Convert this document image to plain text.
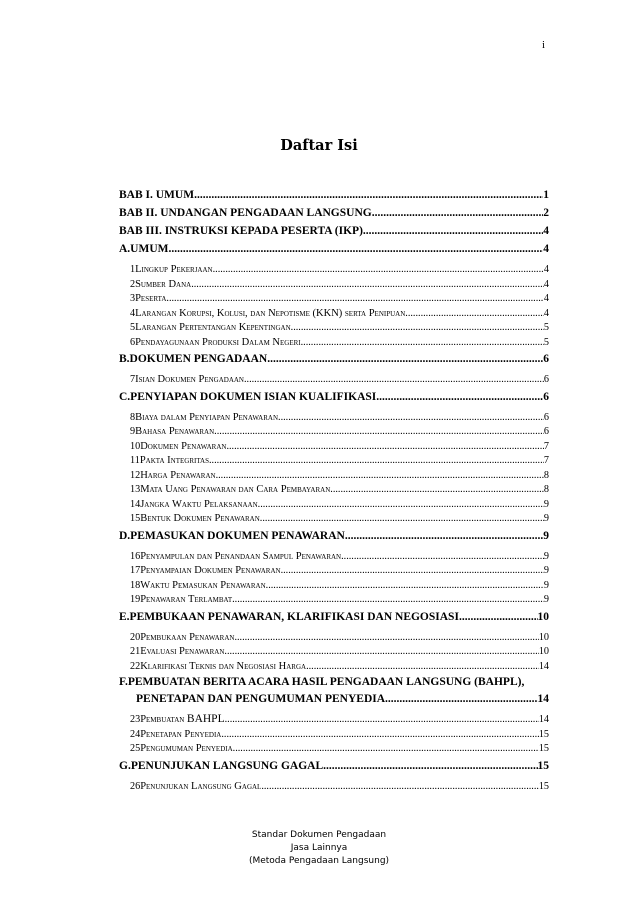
i
Daftar Isi
BAB I. UMUM .....	1
BAB II. UNDANGAN PENGADAAN LANGSUNG .....	2
BAB III. INSTRUKSI KEPADA PESERTA (IKP) .....	4
A.UMUM .....	4
1Lingkup Pekerjaan .....	4
2Sumber Dana .....	4
3Peserta .....	4
4Larangan Korupsi, Kolusi, dan Nepotisme (KKN) serta Penipuan .....	4
5Larangan Pertentangan Kepentingan .....	5
6Pendayagunaan Produksi Dalam Negeri .....	5
B.DOKUMEN PENGADAAN .....	6
7Isian Dokumen Pengadaan .....	6
C.PENYIAPAN DOKUMEN ISIAN KUALIFIKASI .....	6
8Biaya dalam Penyiapan Penawaran .....	6
9Bahasa Penawaran .....	6
10Dokumen Penawaran .....	7
11Pakta Integritas .....	7
12Harga Penawaran .....	8
13Mata Uang Penawaran dan Cara Pembayaran .....	8
14Jangka Waktu Pelaksanaan .....	9
15Bentuk Dokumen Penawaran .....	9
D.PEMASUKAN DOKUMEN PENAWARAN .....	9
16Penyampulan dan Penandaan Sampul Penawaran .....	9
17Penyampaian Dokumen Penawaran .....	9
18Waktu Pemasukan Penawaran .....	9
19Penawaran Terlambat .....	9
E.PEMBUKAAN PENAWARAN, KLARIFIKASI DAN NEGOSIASI .....	10
20Pembukaan Penawaran .....	10
21Evaluasi Penawaran .....	10
22Klarifikasi Teknis dan Negosiasi Harga .....	14
F.PEMBUATAN BERITA ACARA HASIL PENGADAAN LANGSUNG (BAHPL),
PENETAPAN DAN PENGUMUMAN PENYEDIA .....	14
23Pembuatan BAHPL .....	14
24Penetapan Penyedia .....	15
25Pengumuman Penyedia .....	15
G.PENUNJUKAN LANGSUNG GAGAL .....	15
26Penunjukan Langsung Gagal .....	15
Standar Dokumen Pengadaan
Jasa Lainnya
(Metoda Pengadaan Langsung)
